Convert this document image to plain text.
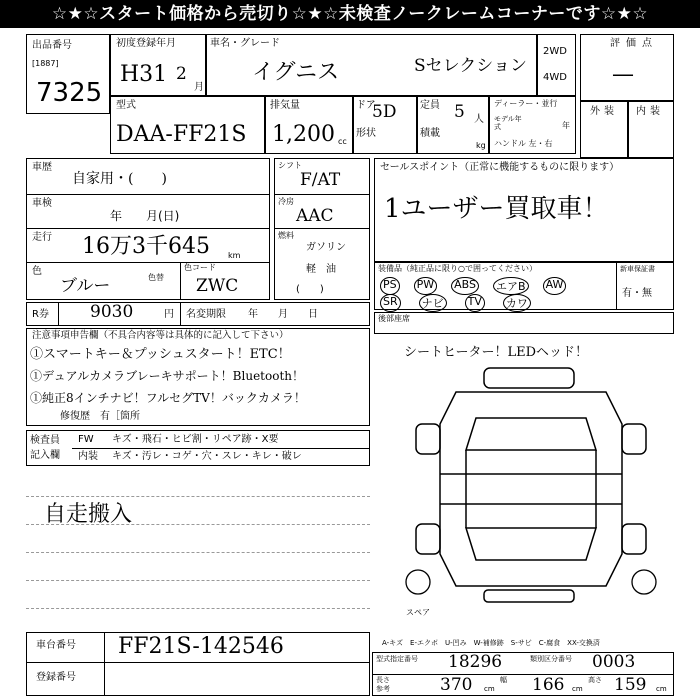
☆★☆スタート価格から売切り☆★☆未検査ノークレームコーナーです☆★☆
出品番号
[1887]
7325
初度登録年月
H31 2
月
車名・グレード
イグニス	Sセレクション
2WD
4WD
評価点
—
外装 内装
型式
DAA-FF21S
排気量
1,200 cc
ドア
5D
形状
定員 5 人
積載
kg
ディーラー・並行
モデル年式	年
ハンドル 左・右
車歴
自家用・(　　)
車検
年　　月(日)
走行 16万3千645 km
色
ブルー	色替
色コード
ZWC
シフト
F/AT
冷房
AAC
燃料
ガソリン
軽　油
(　　)
セールスポイント（正常に機能するものに限ります）
1ユーザー買取車！
装備品（純正品に限り○で囲ってください）
PS PW ABS エアB AW
SR ナビ TV カワ
新車保証書
有・無
R券 9030	円 名変期限 年　　月　　日
注意事項申告欄（不具合内容等は具体的に記入して下さい）
①スマートキー＆プッシュスタート！ETC！	シートヒーター！LEDヘッド！
①デュアルカメラブレーキサポート！Bluetooth！
①純正8インチナビ！フルセグTV！バックカメラ！
修復歴　有［箇所
後部座席
検査員記入欄
FW キズ・飛石・ヒビ割・リペア跡・X要
内装 キズ・汚レ・コゲ・穴・スレ・キレ・破レ
自走搬入
スペア
車台番号 FF21S-142546
登録番号
A-キズ　E-エクボ　U-凹み　W-補修跡　S-サビ　C-腐食　XX-交換済
型式指定番号 18296	類別区分番号 0003
長さ
参考	370 cm
幅 166 cm
高さ 159 cm
